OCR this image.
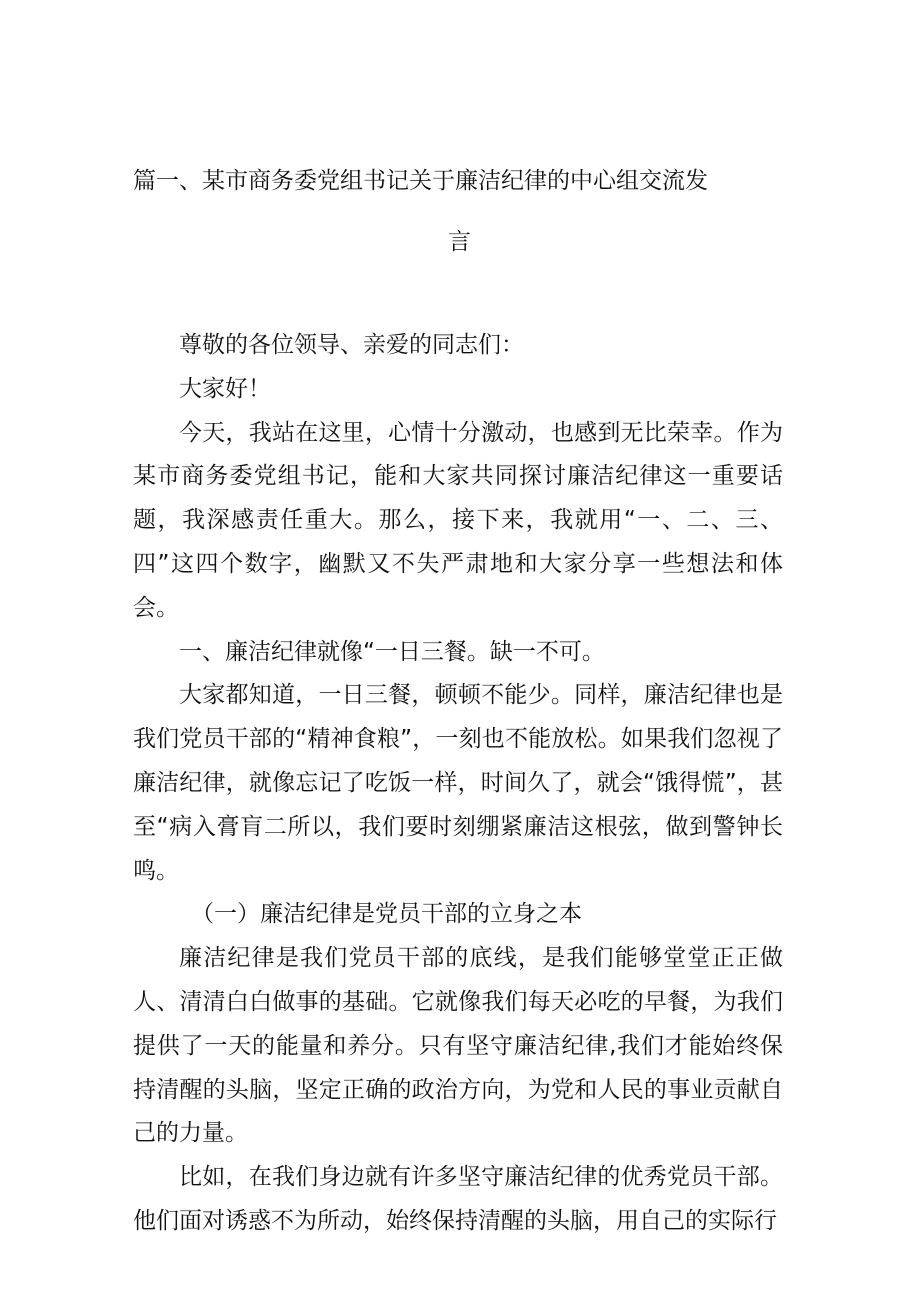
篇一、某市商务委党组书记关于廉洁纪律的中心组交流发
言

尊敬的各位领导、亲爱的同志们：

大家好！

今天，我站在这里，心情十分激动，也感到无比荣幸。作为某市商务委党组书记，能和大家共同探讨廉洁纪律这一重要话题，我深感责任重大。那么，接下来，我就用“一、二、三、四”这四个数字，幽默又不失严肃地和大家分享一些想法和体会。

一、廉洁纪律就像“一日三餐。缺一不可。

大家都知道，一日三餐，顿顿不能少。同样，廉洁纪律也是我们党员干部的“精神食粮”，一刻也不能放松。如果我们忽视了廉洁纪律，就像忘记了吃饭一样，时间久了，就会“饿得慌”，甚至“病入膏肓二所以，我们要时刻绷紧廉洁这根弦，做到警钟长鸣。

（一）廉洁纪律是党员干部的立身之本

廉洁纪律是我们党员干部的底线，是我们能够堂堂正正做人、清清白白做事的基础。它就像我们每天必吃的早餐，为我们提供了一天的能量和养分。只有坚守廉洁纪律,我们才能始终保持清醒的头脑，坚定正确的政治方向，为党和人民的事业贡献自己的力量。

比如，在我们身边就有许多坚守廉洁纪律的优秀党员干部。他们面对诱惑不为所动，始终保持清醒的头脑，用自己的实际行
